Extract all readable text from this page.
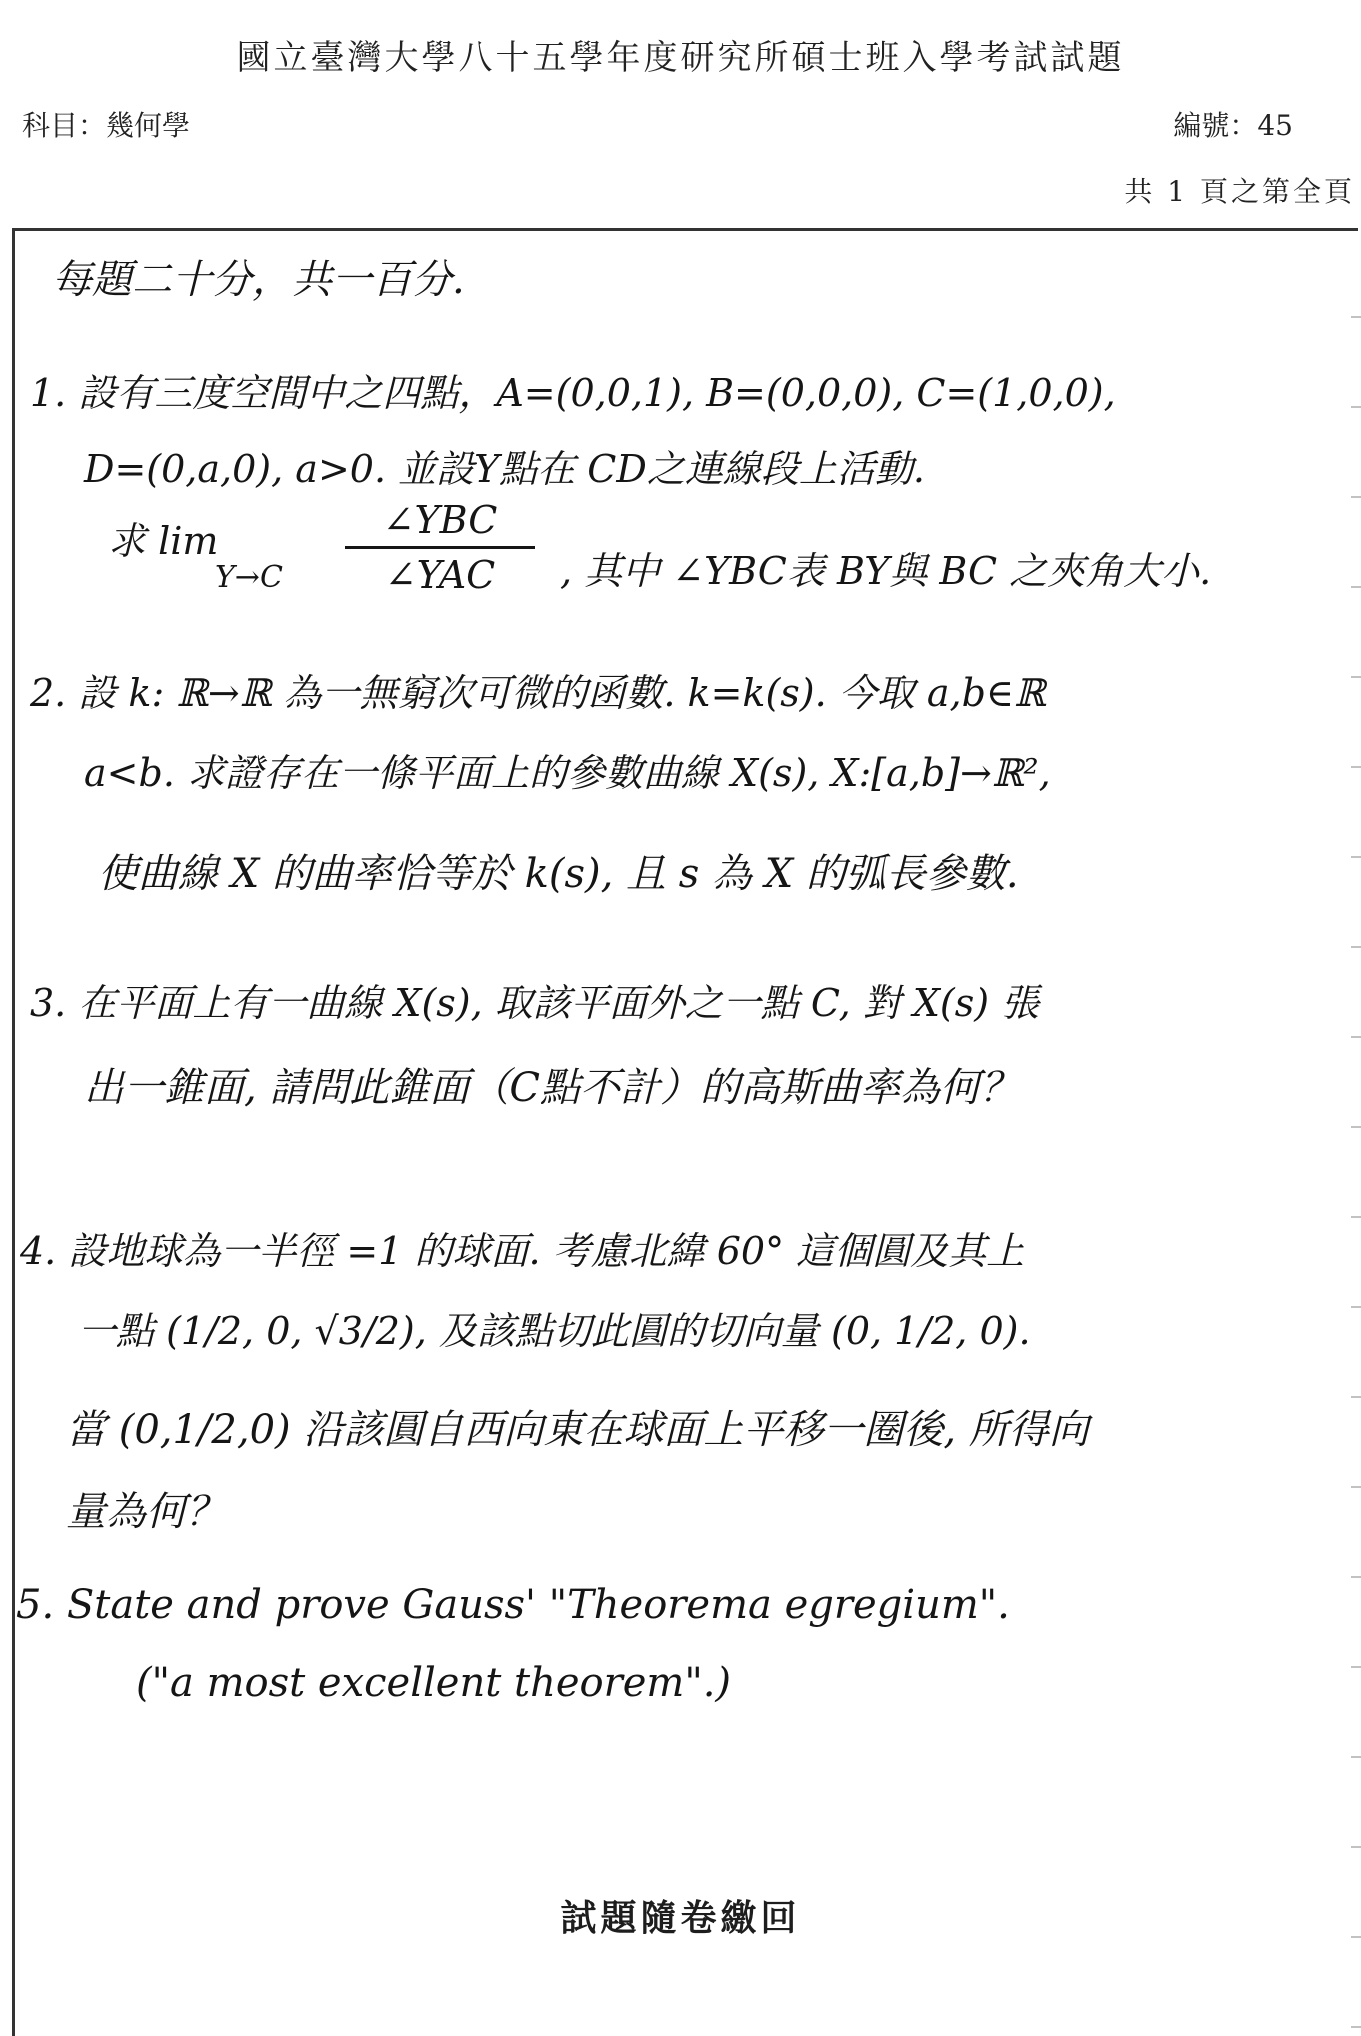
國立臺灣大學八十五學年度研究所碩士班入學考試試題
科目：幾何學	編號：45
共 1 頁之第全頁
每題二十分，共一百分.
1. 設有三度空間中之四點，A=(0,0,1), B=(0,0,0), C=(1,0,0),
D=(0,a,0), a>0. 並設Y點在 CD之連線段上活動.
求 lim
Y→C
∠YBC
∠YAC	, 其中 ∠YBC表 BY與 BC 之夾角大小.
2. 設 k: ℝ→ℝ 為一無窮次可微的函數. k=k(s). 今取 a,b∈ℝ
a<b. 求證存在一條平面上的參數曲線 X(s), X:[a,b]→ℝ²,
使曲線 X 的曲率恰等於 k(s), 且 s 為 X 的弧長參數.
3. 在平面上有一曲線 X(s), 取該平面外之一點 C, 對 X(s) 張
出一錐面, 請問此錐面（C點不計）的高斯曲率為何？
4. 設地球為一半徑 =1 的球面. 考慮北緯 60° 這個圓及其上
一點 (1/2, 0, √3/2), 及該點切此圓的切向量 (0, 1/2, 0).
當 (0,1/2,0) 沿該圓自西向東在球面上平移一圈後, 所得向
量為何？
5. State and prove Gauss' "Theorema egregium".
("a most excellent theorem".)
試題隨卷繳回
